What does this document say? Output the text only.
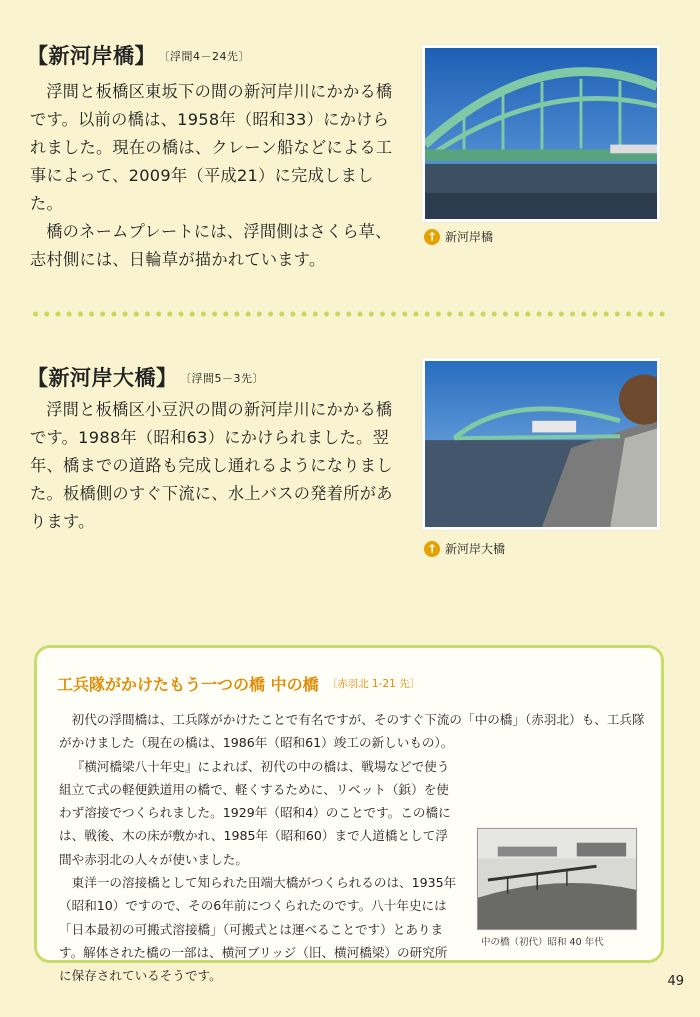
【新河岸橋】 〔浮間4－24先〕

浮間と板橋区東坂下の間の新河岸川にかかる橋です。以前の橋は、1958年（昭和33）にかけられました。現在の橋は、クレーン船などによる工事によって、2009年（平成21）に完成しました。

橋のネームプレートには、浮間側はさくら草、志村側には、日輪草が描かれています。

↑ 新河岸橋
【新河岸大橋】 〔浮間5－3先〕

浮間と板橋区小豆沢の間の新河岸川にかかる橋です。1988年（昭和63）にかけられました。翌年、橋までの道路も完成し通れるようになりました。板橋側のすぐ下流に、水上バスの発着所があります。

↑ 新河岸大橋
工兵隊がかけたもう一つの橋 中の橋 〔赤羽北 1-21 先〕

初代の浮間橋は、工兵隊がかけたことで有名ですが、そのすぐ下流の「中の橋」（赤羽北）も、工兵隊がかけました（現在の橋は、1986年（昭和61）竣工の新しいもの）。

『横河橋梁八十年史』によれば、初代の中の橋は、戦場などで使う組立て式の軽便鉄道用の橋で、軽くするために、リベット（鋲）を使わず溶接でつくられました。1929年（昭和4）のことです。この橋には、戦後、木の床が敷かれ、1985年（昭和60）まで人道橋として浮間や赤羽北の人々が使いました。

東洋一の溶接橋として知られた田端大橋がつくられるのは、1935年（昭和10）ですので、その6年前につくられたのです。八十年史には「日本最初の可搬式溶接橋」（可搬式とは運べることです）とあります。解体された橋の一部は、横河ブリッジ（旧、横河橋梁）の研究所に保存されているそうです。

中の橋（初代）昭和 40 年代
49
